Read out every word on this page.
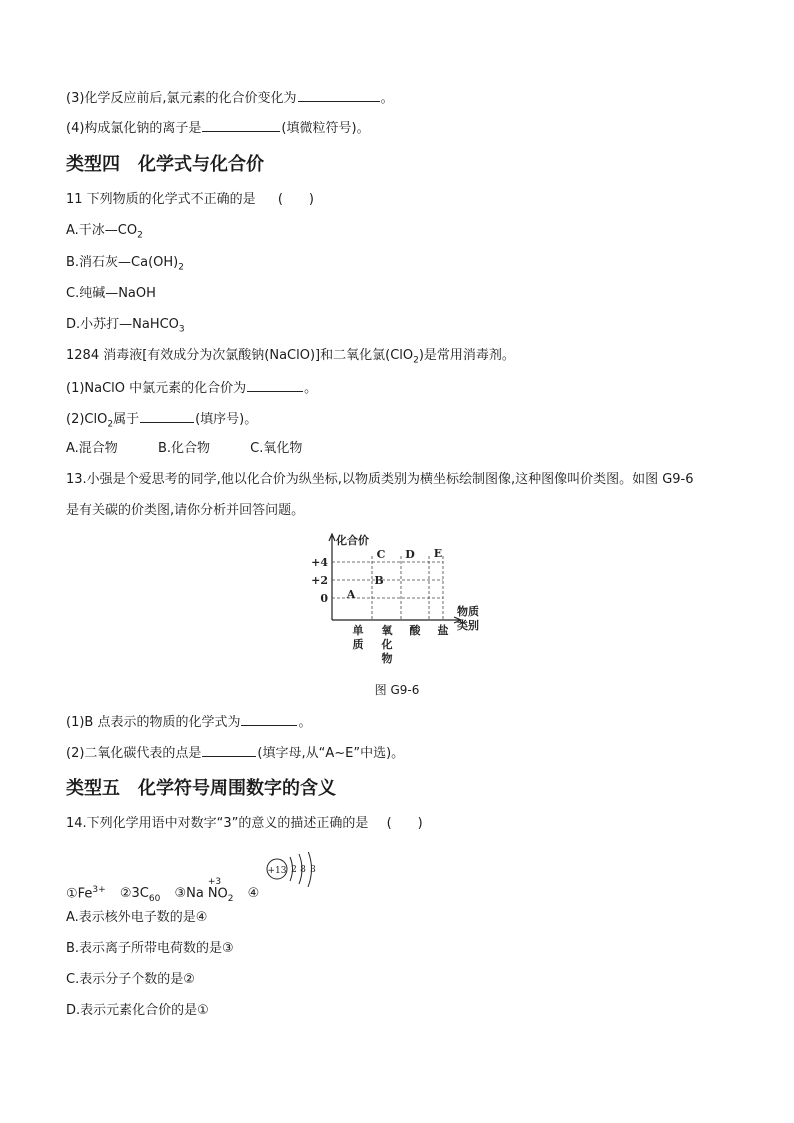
(3)化学反应前后,氯元素的化合价变化为	。
(4)构成氯化钠的离子是	(填微粒符号)。
类型四　化学式与化合价
11 下列物质的化学式不正确的是 (　　)
A.干冰$—CO_2$
B.消石灰$—Ca(OH)_2$
C.纯碱—NaOH
D.小苏打—NaHCO$_3$
1284 消毒液[有效成分为次氯酸钠(NaClO)]和二氧化氯(ClO$_2$)是常用消毒剂。
(1)NaClO 中氯元素的化合价为	。
(2)ClO$_2$属于	(填序号)。
A.混合物	B.化合物	C.氧化物
13.小强是个爱思考的同学,他以化合价为纵坐标,以物质类别为横坐标绘制图像,这种图像叫价类图。如图 G9-6
是有关碳的价类图,请你分析并回答问题。
化合价
物质
类别
+4
+2
0
单
质
氧
化
物
酸 盐
A
B
C D E
图 G9-6
(1)B 点表示的物质的化学式为	。
(2)二氧化碳代表的点是	(填字母,从“A~E”中选)。
类型五　化学符号周围数字的含义
14.下列化学用语中对数字“3”的意义的描述正确的是 (　　)
$①Fe^{3+}$ $②3C_{60}$ ③Na
+3
$NO_2$ ④
+13 2 8 3
A.表示核外电子数的是④
B.表示离子所带电荷数的是③
C.表示分子个数的是②
D.表示元素化合价的是①
